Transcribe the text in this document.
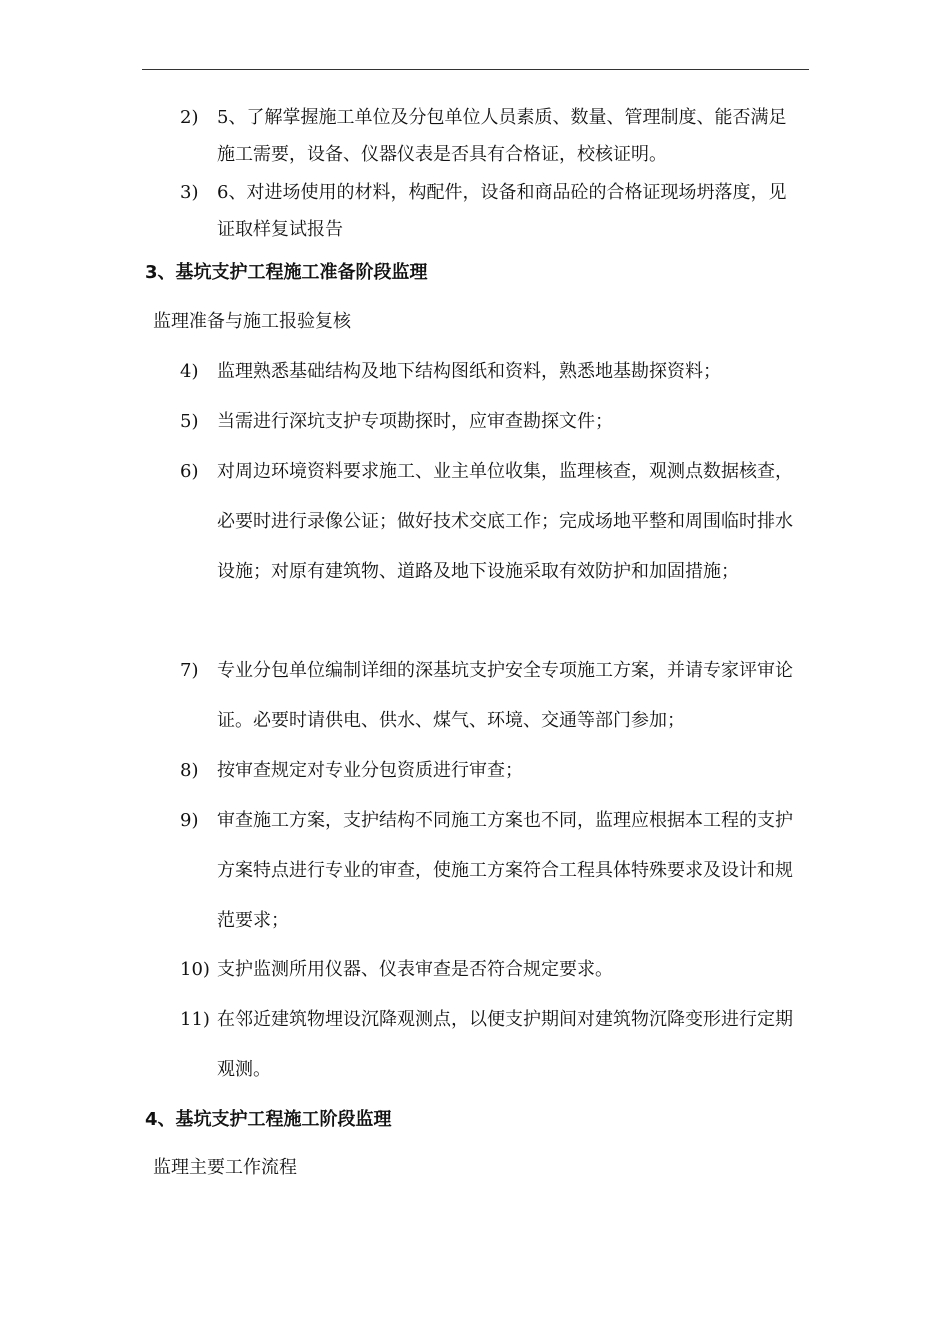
2)	5、了解掌握施工单位及分包单位人员素质、数量、管理制度、能否满足施工需要，设备、仪器仪表是否具有合格证，校核证明。
3)	6、对进场使用的材料，构配件，设备和商品砼的合格证现场坍落度，见证取样复试报告
3、基坑支护工程施工准备阶段监理
监理准备与施工报验复核
4)	监理熟悉基础结构及地下结构图纸和资料，熟悉地基勘探资料；
5)	当需进行深坑支护专项勘探时，应审查勘探文件；
6)	对周边环境资料要求施工、业主单位收集，监理核查，观测点数据核查，必要时进行录像公证；做好技术交底工作；完成场地平整和周围临时排水设施；对原有建筑物、道路及地下设施采取有效防护和加固措施；
7)	专业分包单位编制详细的深基坑支护安全专项施工方案，并请专家评审论证。必要时请供电、供水、煤气、环境、交通等部门参加；
8)	按审查规定对专业分包资质进行审查；
9)	审查施工方案，支护结构不同施工方案也不同，监理应根据本工程的支护方案特点进行专业的审查，使施工方案符合工程具体特殊要求及设计和规范要求；
10) 支护监测所用仪器、仪表审查是否符合规定要求。
11) 在邻近建筑物埋设沉降观测点，以便支护期间对建筑物沉降变形进行定期观测。
4、基坑支护工程施工阶段监理
监理主要工作流程
